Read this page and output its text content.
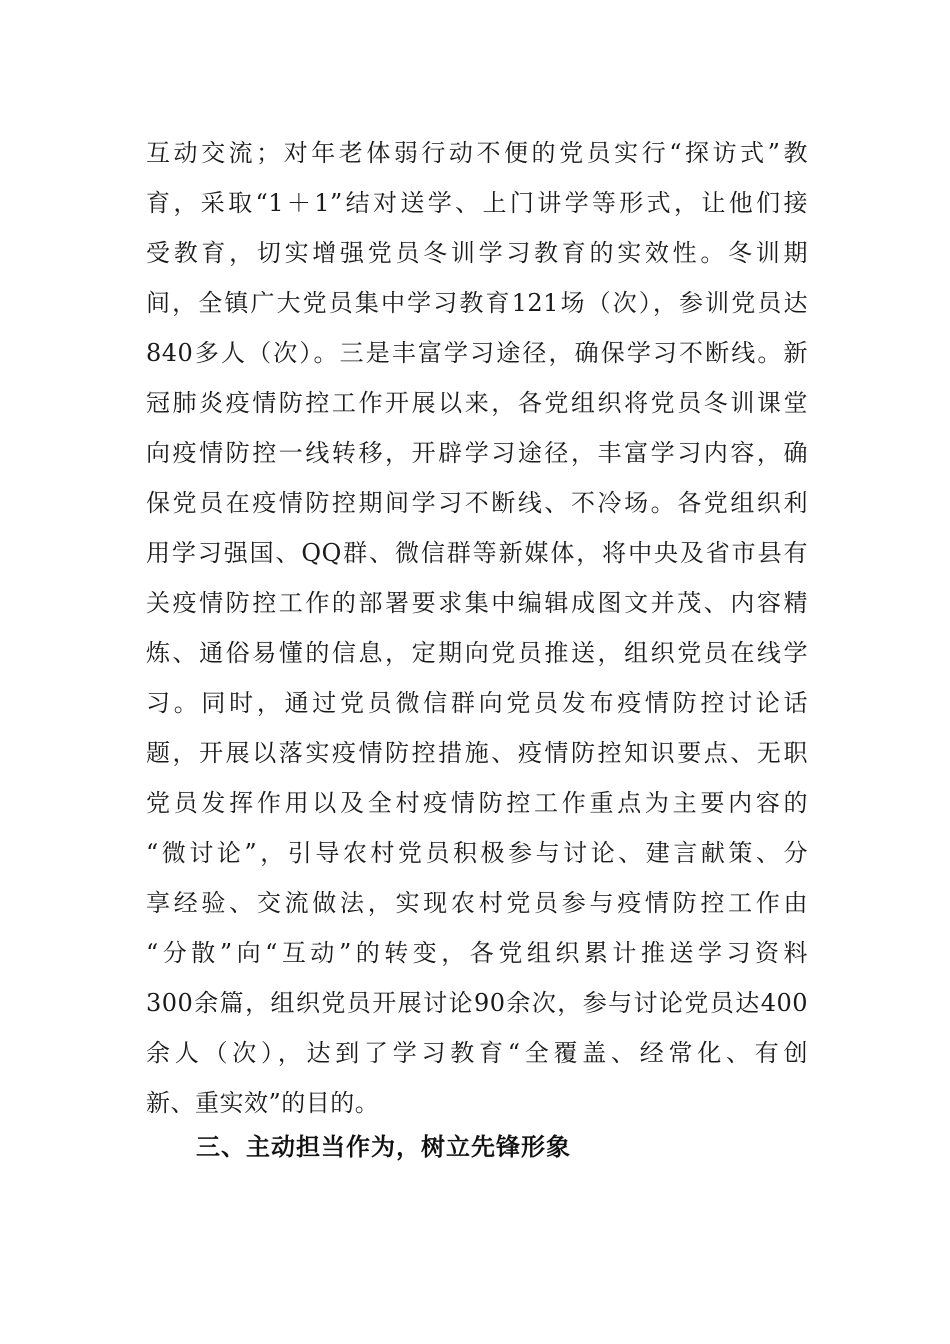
互动交流；对年老体弱行动不便的党员实行“探访式”教
育，采取“1＋1”结对送学、上门讲学等形式，让他们接
受教育，切实增强党员冬训学习教育的实效性。冬训期
间，全镇广大党员集中学习教育121场（次），参训党员达
840多人（次）。三是丰富学习途径，确保学习不断线。新
冠肺炎疫情防控工作开展以来，各党组织将党员冬训课堂
向疫情防控一线转移，开辟学习途径，丰富学习内容，确
保党员在疫情防控期间学习不断线、不冷场。各党组织利
用学习强国、QQ群、微信群等新媒体，将中央及省市县有
关疫情防控工作的部署要求集中编辑成图文并茂、内容精
炼、通俗易懂的信息，定期向党员推送，组织党员在线学
习。同时，通过党员微信群向党员发布疫情防控讨论话
题，开展以落实疫情防控措施、疫情防控知识要点、无职
党员发挥作用以及全村疫情防控工作重点为主要内容的
“微讨论”，引导农村党员积极参与讨论、建言献策、分
享经验、交流做法，实现农村党员参与疫情防控工作由
“分散”向“互动”的转变，各党组织累计推送学习资料
300余篇，组织党员开展讨论90余次，参与讨论党员达400
余人（次），达到了学习教育“全覆盖、经常化、有创
新、重实效”的目的。
三、主动担当作为，树立先锋形象
